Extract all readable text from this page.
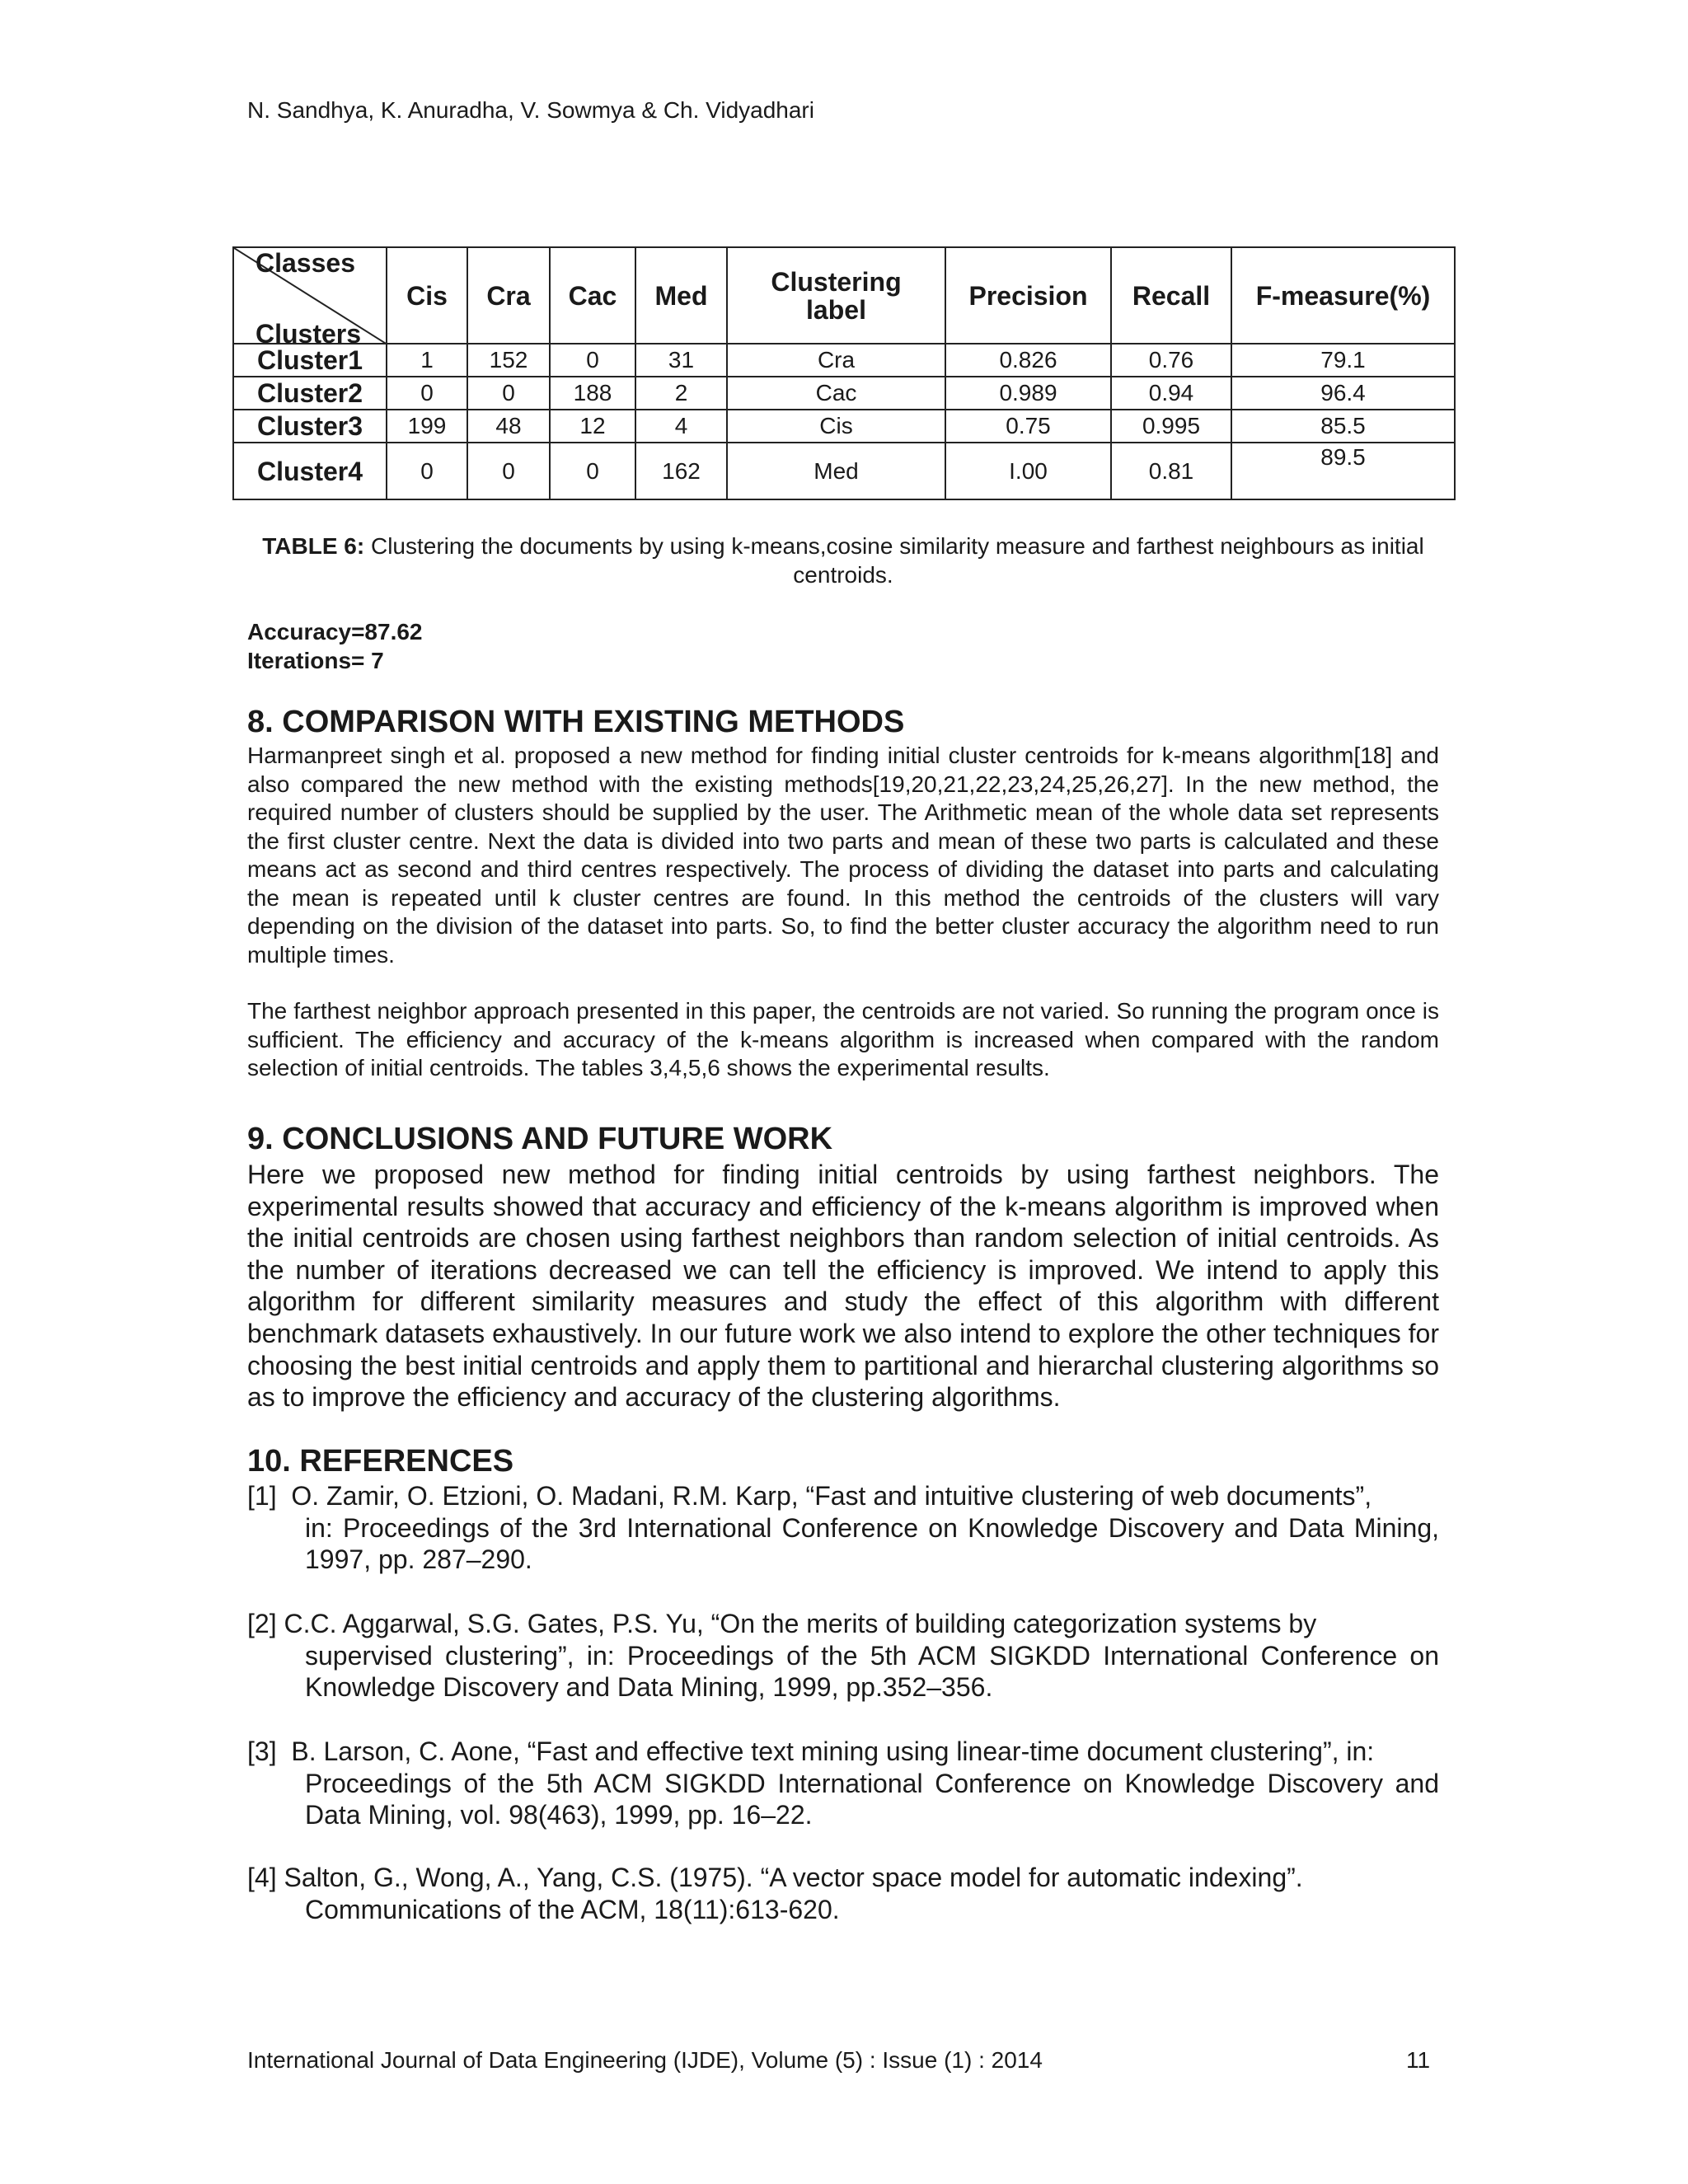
N. Sandhya, K. Anuradha, V. Sowmya & Ch. Vidyadhari
Classes
Clusters	Cis	Cra	Cac	Med	Clustering label	Precision	Recall	F-measure(%)
Cluster1	1	152	0	31	Cra	0.826	0.76	79.1
Cluster2	0	0	188	2	Cac	0.989	0.94	96.4
Cluster3	199	48	12	4	Cis	0.75	0.995	85.5
Cluster4	0	0	0	162	Med	I.00	0.81	89.5
TABLE 6: Clustering the documents by using k-means,cosine similarity measure and farthest neighbours as initial centroids.
Accuracy=87.62
Iterations= 7
8. COMPARISON WITH EXISTING METHODS

Harmanpreet singh et al. proposed a new method for finding initial cluster centroids for k-means algorithm[18] and also compared the new method with the existing methods[19,20,21,22,23,24,25,26,27]. In the new method, the required number of clusters should be supplied by the user. The Arithmetic mean of the whole data set represents the first cluster centre. Next the data is divided into two parts and mean of these two parts is calculated and these means act as second and third centres respectively. The process of dividing the dataset into parts and calculating the mean is repeated until k cluster centres are found. In this method the centroids of the clusters will vary depending on the division of the dataset into parts. So, to find the better cluster accuracy the algorithm need to run multiple times.

The farthest neighbor approach presented in this paper, the centroids are not varied. So running the program once is sufficient. The efficiency and accuracy of the k-means algorithm is increased when compared with the random selection of initial centroids. The tables 3,4,5,6 shows the experimental results.

9. CONCLUSIONS AND FUTURE WORK

Here we proposed new method for finding initial centroids by using farthest neighbors. The experimental results showed that accuracy and efficiency of the k-means algorithm is improved when the initial centroids are chosen using farthest neighbors than random selection of initial centroids. As the number of iterations decreased we can tell the efficiency is improved. We intend to apply this algorithm for different similarity measures and study the effect of this algorithm with different benchmark datasets exhaustively. In our future work we also intend to explore the other techniques for choosing the best initial centroids and apply them to partitional and hierarchal clustering algorithms so as to improve the efficiency and accuracy of the clustering algorithms.

10. REFERENCES
[1] O. Zamir, O. Etzioni, O. Madani, R.M. Karp, “Fast and intuitive clustering of web documents”,
in: Proceedings of the 3rd International Conference on Knowledge Discovery and Data Mining, 1997, pp. 287–290.
[2] C.C. Aggarwal, S.G. Gates, P.S. Yu, “On the merits of building categorization systems by
supervised clustering”, in: Proceedings of the 5th ACM SIGKDD International Conference on Knowledge Discovery and Data Mining, 1999, pp.352–356.
[3] B. Larson, C. Aone, “Fast and effective text mining using linear-time document clustering”, in:
Proceedings of the 5th ACM SIGKDD International Conference on Knowledge Discovery and Data Mining, vol. 98(463), 1999, pp. 16–22.
[4] Salton, G., Wong, A., Yang, C.S. (1975). “A vector space model for automatic indexing”.
Communications of the ACM, 18(11):613-620.
International Journal of Data Engineering (IJDE), Volume (5) : Issue (1) : 2014	11
